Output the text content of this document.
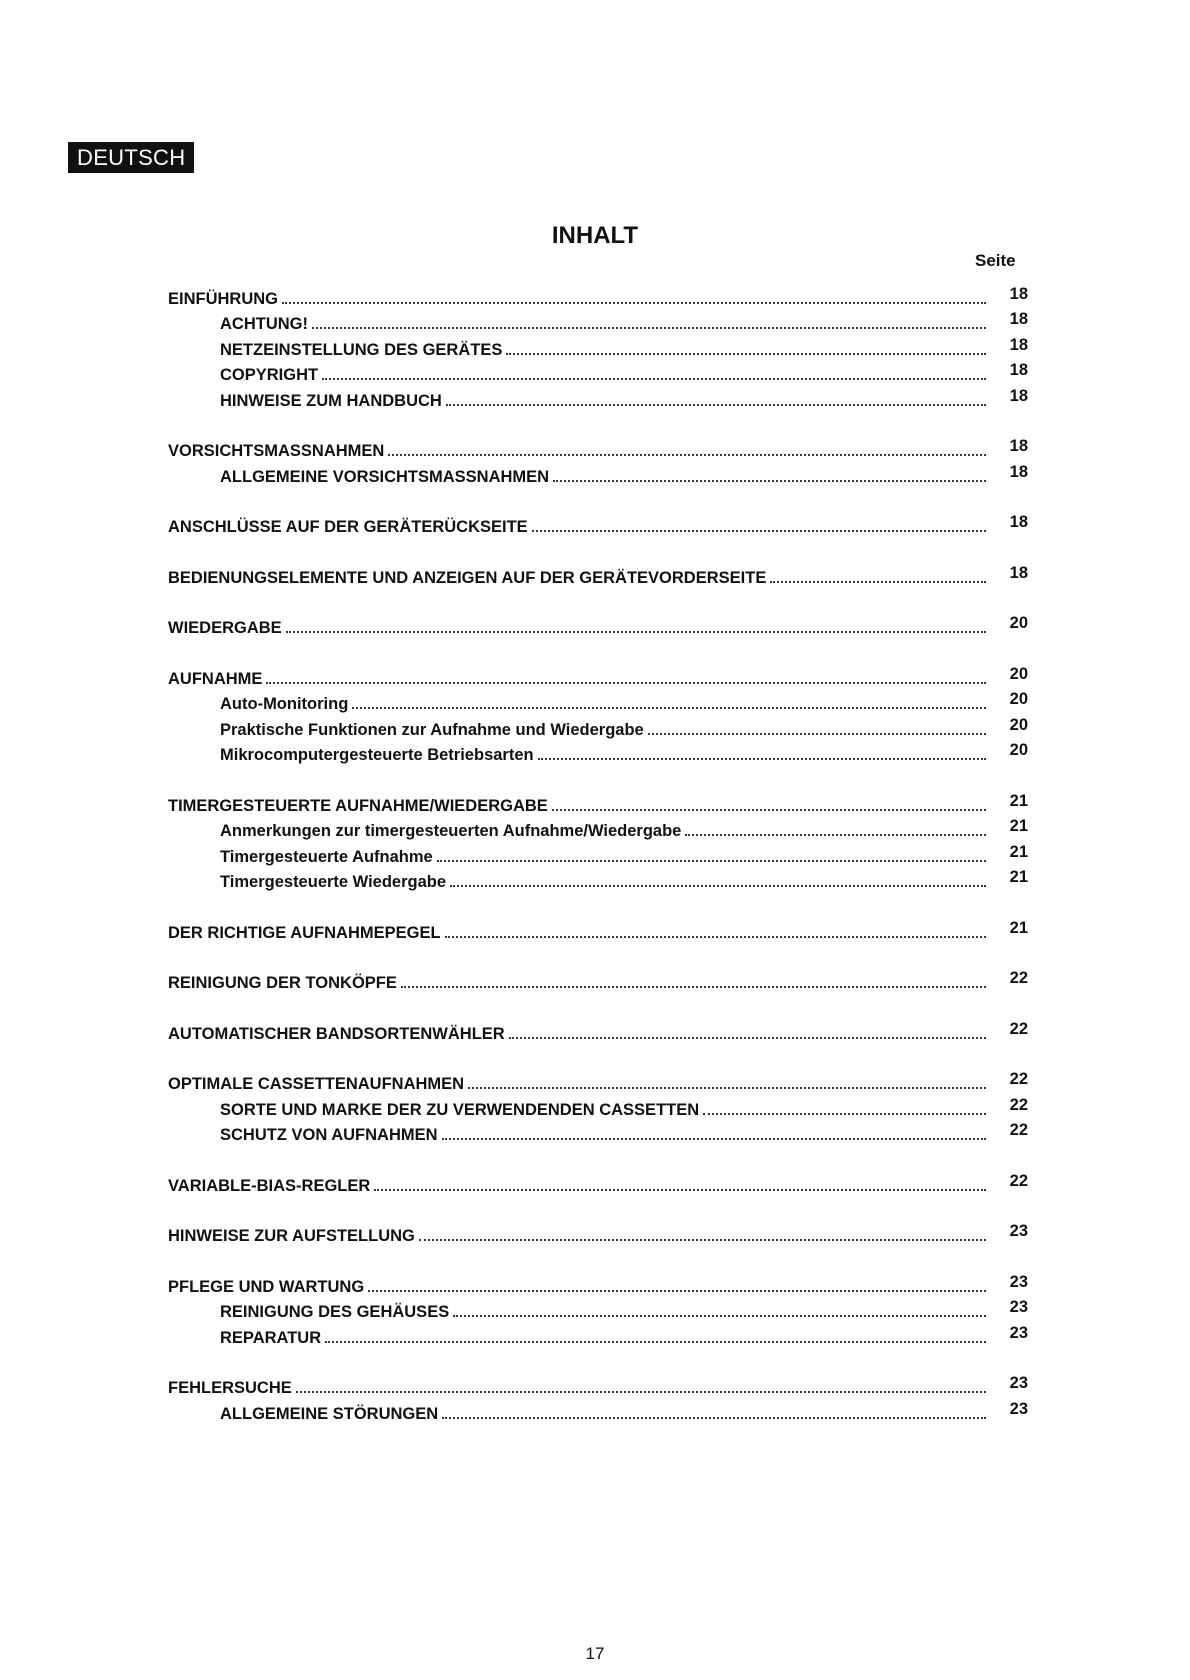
DEUTSCH
INHALT
Seite
EINFÜHRUNG	18
ACHTUNG!	18
NETZEINSTELLUNG DES GERÄTES	18
COPYRIGHT	18
HINWEISE ZUM HANDBUCH	18
VORSICHTSMASSNAHMEN	18
ALLGEMEINE VORSICHTSMASSNAHMEN	18
ANSCHLÜSSE AUF DER GERÄTERÜCKSEITE	18
BEDIENUNGSELEMENTE UND ANZEIGEN AUF DER GERÄTEVORDERSEITE	18
WIEDERGABE	20
AUFNAHME	20
Auto-Monitoring	20
Praktische Funktionen zur Aufnahme und Wiedergabe	20
Mikrocomputergesteuerte Betriebsarten	20
TIMERGESTEUERTE AUFNAHME/WIEDERGABE	21
Anmerkungen zur timergesteuerten Aufnahme/Wiedergabe	21
Timergesteuerte Aufnahme	21
Timergesteuerte Wiedergabe	21
DER RICHTIGE AUFNAHMEPEGEL	21
REINIGUNG DER TONKÖPFE	22
AUTOMATISCHER BANDSORTENWÄHLER	22
OPTIMALE CASSETTENAUFNAHMEN	22
SORTE UND MARKE DER ZU VERWENDENDEN CASSETTEN	22
SCHUTZ VON AUFNAHMEN	22
VARIABLE-BIAS-REGLER	22
HINWEISE ZUR AUFSTELLUNG	23
PFLEGE UND WARTUNG	23
REINIGUNG DES GEHÄUSES	23
REPARATUR	23
FEHLERSUCHE	23
ALLGEMEINE STÖRUNGEN	23
17
